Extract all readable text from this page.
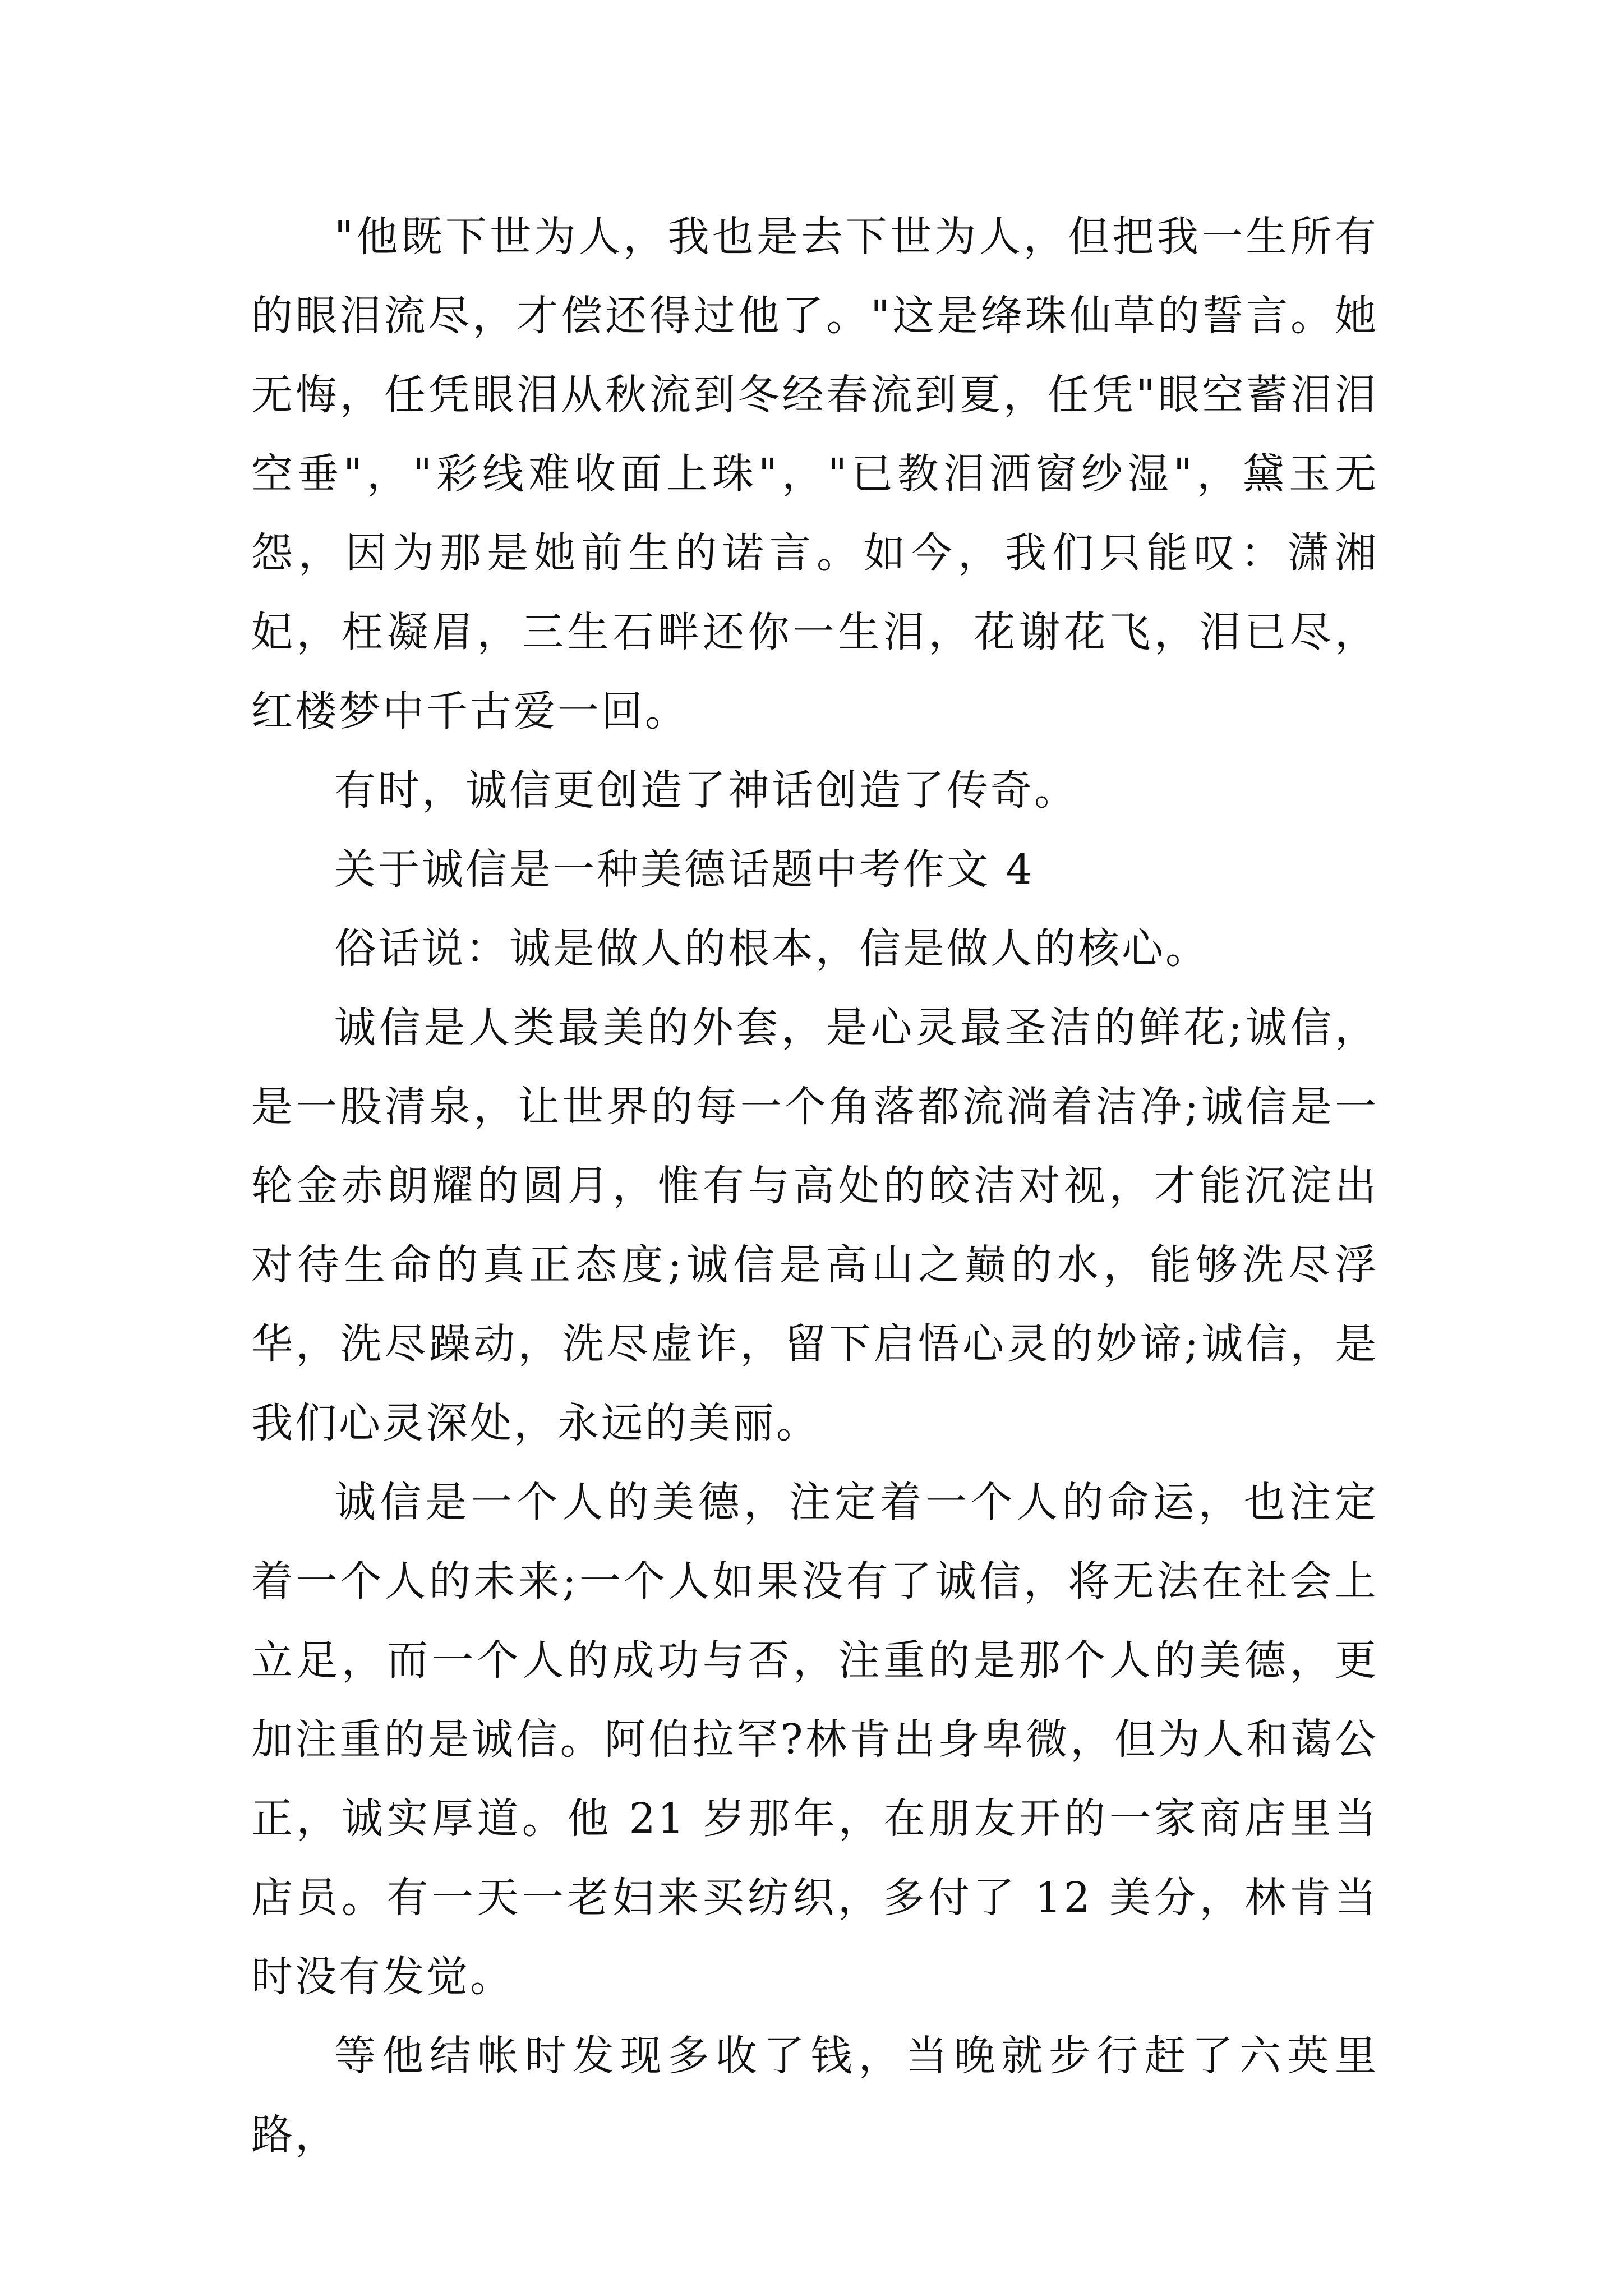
"他既下世为人，我也是去下世为人，但把我一生所有的眼泪流尽，才偿还得过他了。"这是绛珠仙草的誓言。她无悔，任凭眼泪从秋流到冬经春流到夏，任凭"眼空蓄泪泪空垂"，"彩线难收面上珠"，"已教泪洒窗纱湿"，黛玉无怨，因为那是她前生的诺言。如今，我们只能叹：潇湘妃，枉凝眉，三生石畔还你一生泪，花谢花飞，泪已尽，红楼梦中千古爱一回。

有时，诚信更创造了神话创造了传奇。

关于诚信是一种美德话题中考作文 4

俗话说：诚是做人的根本，信是做人的核心。

诚信是人类最美的外套，是心灵最圣洁的鲜花;诚信，是一股清泉，让世界的每一个角落都流淌着洁净;诚信是一轮金赤朗耀的圆月，惟有与高处的皎洁对视，才能沉淀出对待生命的真正态度;诚信是高山之巅的水，能够洗尽浮华，洗尽躁动，洗尽虚诈，留下启悟心灵的妙谛;诚信，是我们心灵深处，永远的美丽。

诚信是一个人的美德，注定着一个人的命运，也注定着一个人的未来;一个人如果没有了诚信，将无法在社会上立足，而一个人的成功与否，注重的是那个人的美德，更加注重的是诚信。阿伯拉罕?林肯出身卑微，但为人和蔼公正，诚实厚道。他 21 岁那年，在朋友开的一家商店里当店员。有一天一老妇来买纺织，多付了 12 美分，林肯当时没有发觉。

等他结帐时发现多收了钱，当晚就步行赶了六英里路，
